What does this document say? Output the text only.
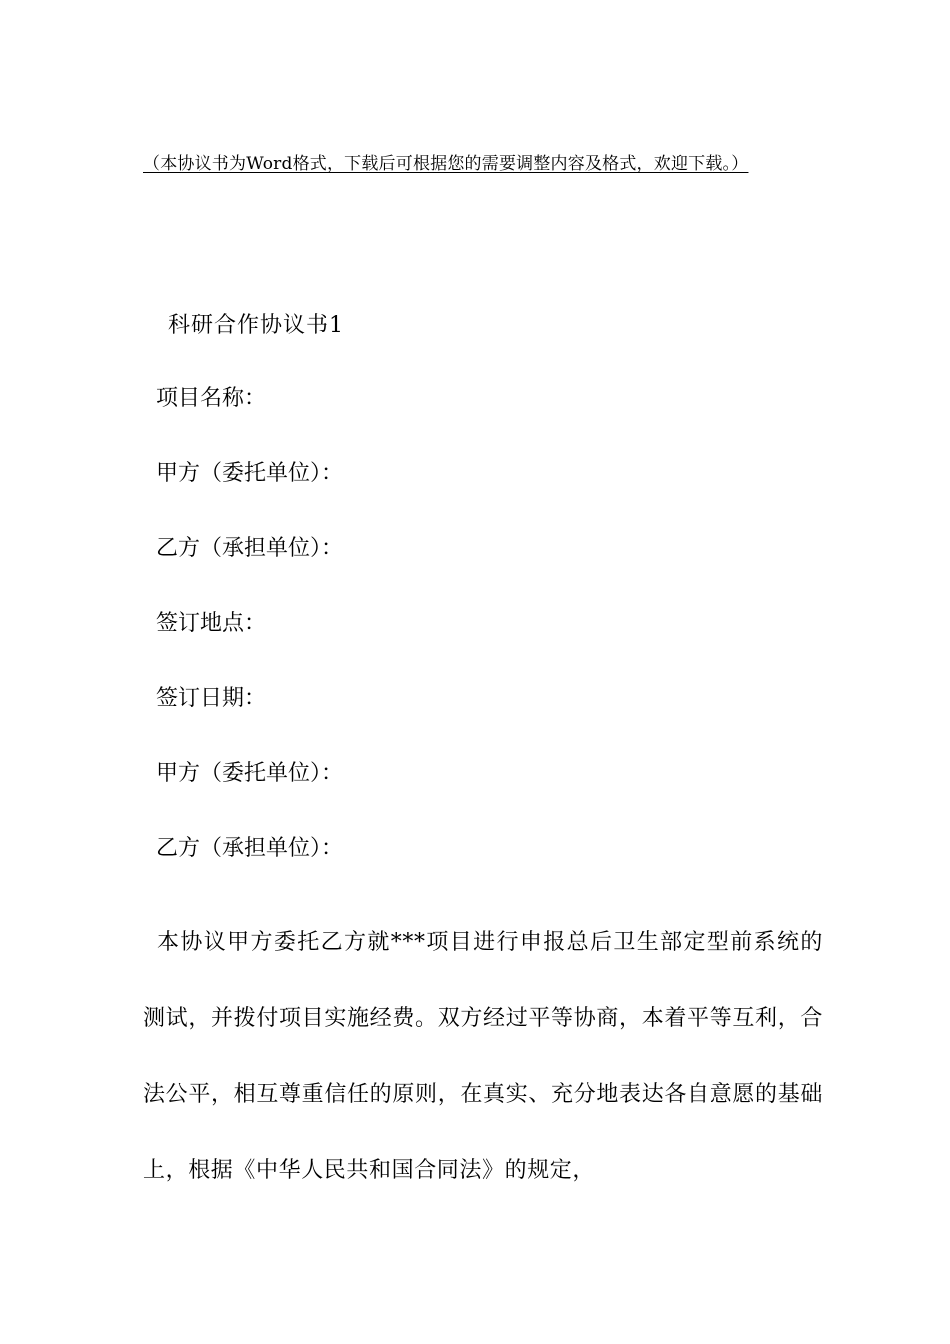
（本协议书为Word格式，下载后可根据您的需要调整内容及格式，欢迎下载。）
科研合作协议书1
项目名称：
甲方（委托单位）：
乙方（承担单位）：
签订地点：
签订日期：
甲方（委托单位）：
乙方（承担单位）：
本协议甲方委托乙方就***项目进行申报总后卫生部定型前系统的测试，并拨付项目实施经费。双方经过平等协商，本着平等互利，合法公平，相互尊重信任的原则，在真实、充分地表达各自意愿的基础上，根据《中华人民共和国合同法》的规定，
